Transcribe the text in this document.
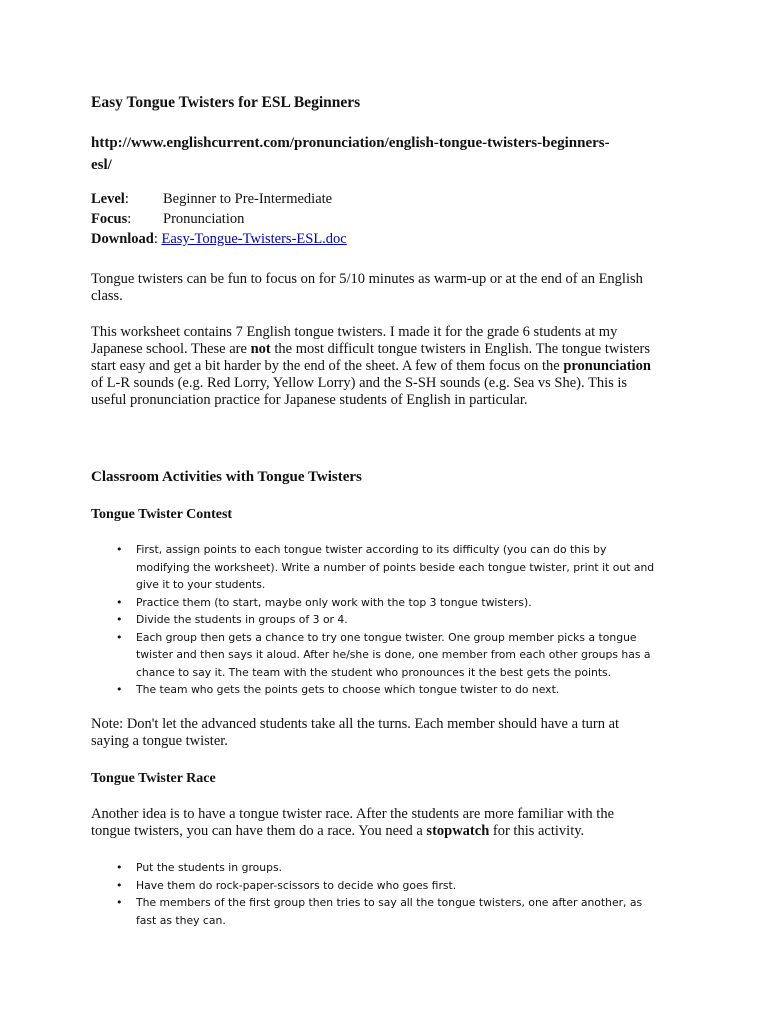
Easy Tongue Twisters for ESL Beginners
http://www.englishcurrent.com/pronunciation/english-tongue-twisters-beginners-
esl/
Level:	Beginner to Pre-Intermediate
Focus:	Pronunciation
Download: Easy-Tongue-Twisters-ESL.doc
Tongue twisters can be fun to focus on for 5/10 minutes as warm-up or at the end of an English
class.
This worksheet contains 7 English tongue twisters. I made it for the grade 6 students at my
Japanese school. These are not the most difficult tongue twisters in English. The tongue twisters
start easy and get a bit harder by the end of the sheet. A few of them focus on the pronunciation
of L-R sounds (e.g. Red Lorry, Yellow Lorry) and the S-SH sounds (e.g. Sea vs She). This is
useful pronunciation practice for Japanese students of English in particular.
Classroom Activities with Tongue Twisters
Tongue Twister Contest
• First, assign points to each tongue twister according to its difficulty (you can do this by
modifying the worksheet). Write a number of points beside each tongue twister, print it out and
give it to your students.
• Practice them (to start, maybe only work with the top 3 tongue twisters).
• Divide the students in groups of 3 or 4.
• Each group then gets a chance to try one tongue twister. One group member picks a tongue
twister and then says it aloud. After he/she is done, one member from each other groups has a
chance to say it. The team with the student who pronounces it the best gets the points.
• The team who gets the points gets to choose which tongue twister to do next.
Note: Don't let the advanced students take all the turns. Each member should have a turn at
saying a tongue twister.
Tongue Twister Race
Another idea is to have a tongue twister race. After the students are more familiar with the
tongue twisters, you can have them do a race. You need a stopwatch for this activity.
• Put the students in groups.
• Have them do rock-paper-scissors to decide who goes first.
• The members of the first group then tries to say all the tongue twisters, one after another, as
fast as they can.
